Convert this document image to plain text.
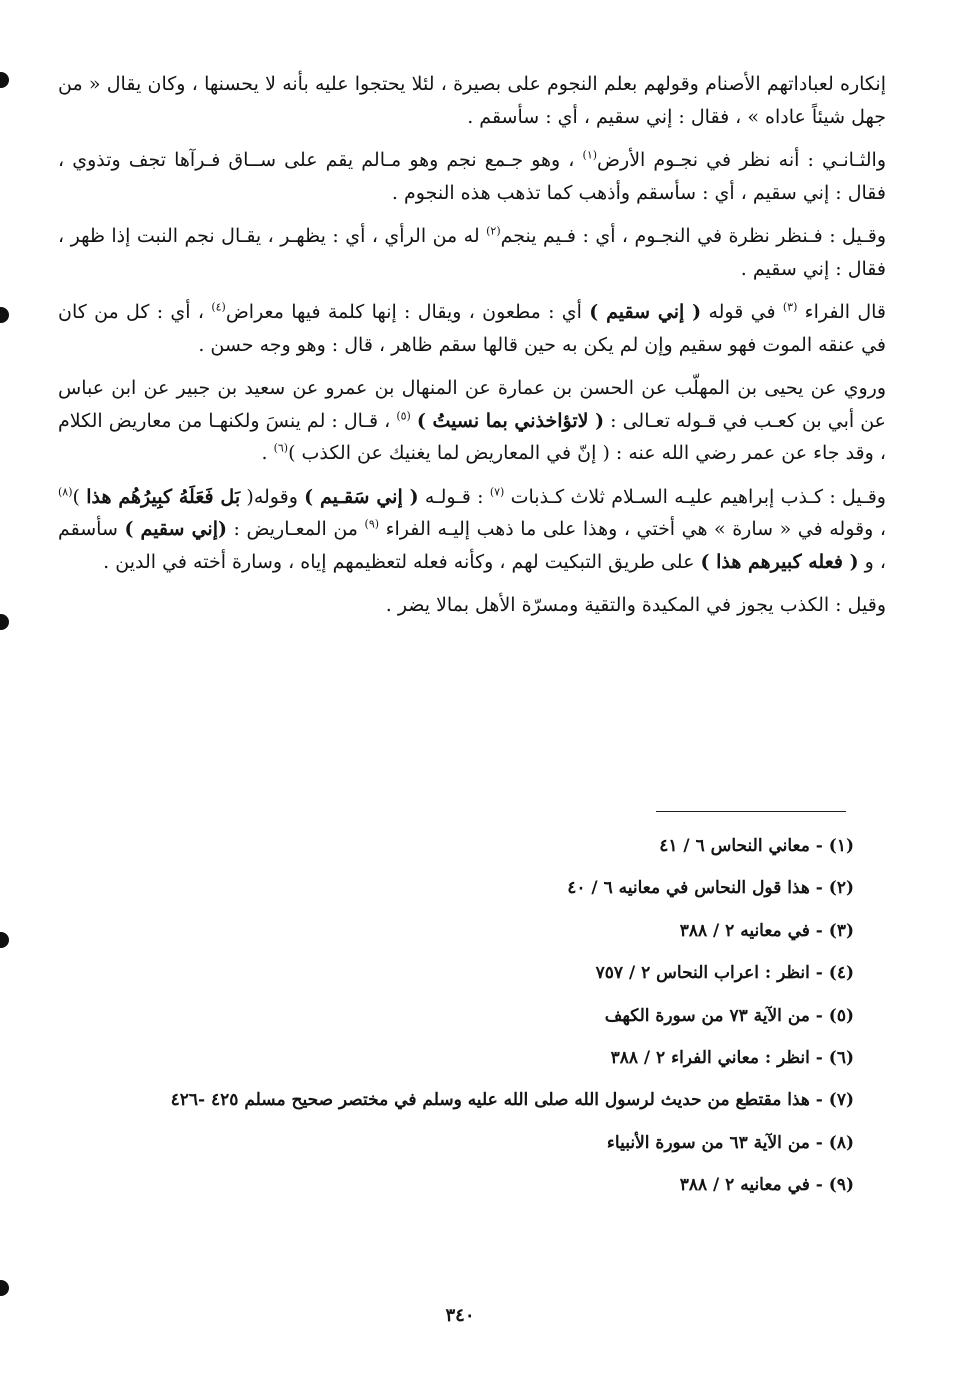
إنكاره لعباداتهم الأصنام وقولهم بعلم النجوم على بصيرة ، لئلا يحتجوا عليه بأنه لا يحسنها ، وكان يقال « من جهل شيئاً عاداه » ، فقال : إني سقيم ، أي : سأسقم .

والثـانـي : أنه نظر في نجـوم الأرض$^{(١)}$ ، وهو جـمع نجم وهو مـالم يقم على ســاق فـرآها تجف وتذوي ، فقال : إني سقيم ، أي : سأسقم وأذهب كما تذهب هذه النجوم .

وقـيل : فـنظر نظرة في النجـوم ، أي : فـيم ينجم$^{(٢)}$ له من الرأي ، أي : يظهـر ، يقـال نجم النبت إذا ظهر ، فقال : إني سقيم .

قال الفراء $^{(٣)}$ في قوله ( إني سقيم ) أي : مطعون ، ويقال : إنها كلمة فيها معراض$^{(٤)}$ ، أي : كل من كان في عنقه الموت فهو سقيم وإن لم يكن به حين قالها سقم ظاهر ، قال : وهو وجه حسن .

وروي عن يحيى بن المهلّب عن الحسن بن عمارة عن المنهال بن عمرو عن سعيد بن جبير عن ابن عباس عن أبي بن كعـب في قـوله تعـالى : ( لاتؤاخذني بما نسيتُ ) $^{(٥)}$ ، قـال : لم ينسَ ولكنهـا من معاريض الكلام ، وقد جاء عن عمر رضي الله عنه : ( إنّ في المعاريض لما يغنيك عن الكذب )$^{(٦)}$ .

وقـيل : كـذب إبراهيم عليـه السـلام ثلاث كـذبات $^{(٧)}$ : قـولـه ( إني سَقـيم ) وقوله( بَل فَعَلَهُ كبِيرُهُم هذا )$^{(٨)}$ ، وقوله في « سارة » هي أختي ، وهذا على ما ذهب إليـه الفراء $^{(٩)}$ من المعـاريض : (إني سقيم ) سأسقم ، و ( فعله كبيرهم هذا ) على طريق التبكيت لهم ، وكأنه فعله لتعظيمهم إياه ، وسارة أخته في الدين .

وقيل : الكذب يجوز في المكيدة والتقية ومسرّة الأهل بمالا يضر .

(١) - معاني النحاس ٦ / ٤١
(٢) - هذا قول النحاس في معانيه ٦ / ٤٠
(٣) - في معانيه ٢ / ٣٨٨
(٤) - انظر : اعراب النحاس ٢ / ٧٥٧
(٥) - من الآية ٧٣ من سورة الكهف
(٦) - انظر : معاني الفراء ٢ / ٣٨٨
(٧) - هذا مقتطع من حديث لرسول الله صلى الله عليه وسلم في مختصر صحيح مسلم ٤٢٥ -٤٢٦
(٨) - من الآية ٦٣ من سورة الأنبياء
(٩) - في معانيه ٢ / ٣٨٨
٣٤٠
